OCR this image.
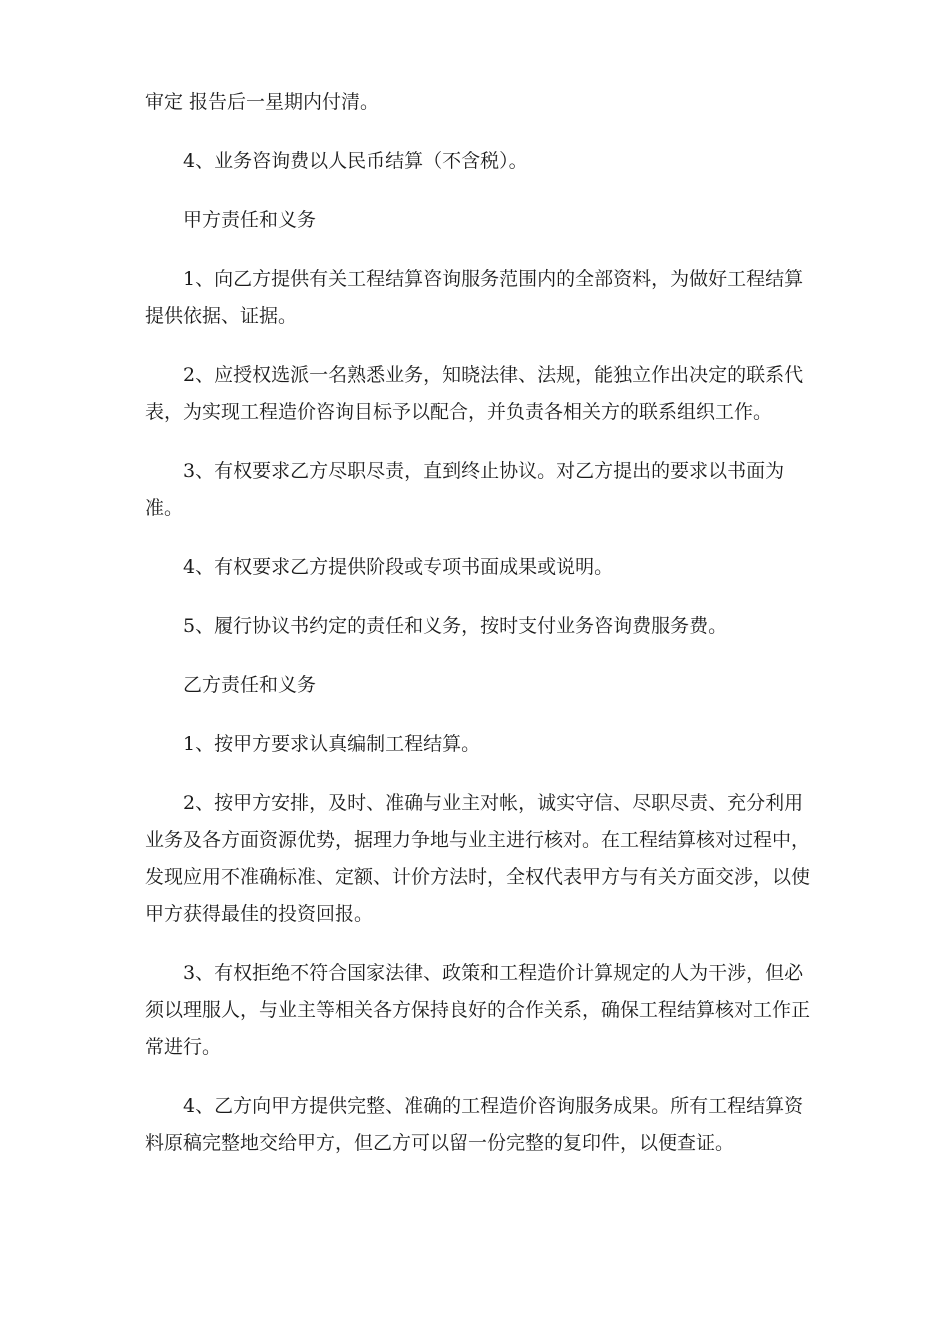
审定 报告后一星期内付清。

4、业务咨询费以人民币结算（不含税）。

甲方责任和义务

1、向乙方提供有关工程结算咨询服务范围内的全部资料，为做好工程结算提供依据、证据。

2、应授权选派一名熟悉业务，知晓法律、法规，能独立作出决定的联系代表，为实现工程造价咨询目标予以配合，并负责各相关方的联系组织工作。

3、有权要求乙方尽职尽责，直到终止协议。对乙方提出的要求以书面为准。

4、有权要求乙方提供阶段或专项书面成果或说明。

5、履行协议书约定的责任和义务，按时支付业务咨询费服务费。

乙方责任和义务

1、按甲方要求认真编制工程结算。

2、按甲方安排，及时、准确与业主对帐，诚实守信、尽职尽责、充分利用业务及各方面资源优势，据理力争地与业主进行核对。在工程结算核对过程中，发现应用不准确标准、定额、计价方法时，全权代表甲方与有关方面交涉，以使甲方获得最佳的投资回报。

3、有权拒绝不符合国家法律、政策和工程造价计算规定的人为干涉，但必须以理服人，与业主等相关各方保持良好的合作关系，确保工程结算核对工作正常进行。

4、乙方向甲方提供完整、准确的工程造价咨询服务成果。所有工程结算资料原稿完整地交给甲方，但乙方可以留一份完整的复印件，以便查证。
